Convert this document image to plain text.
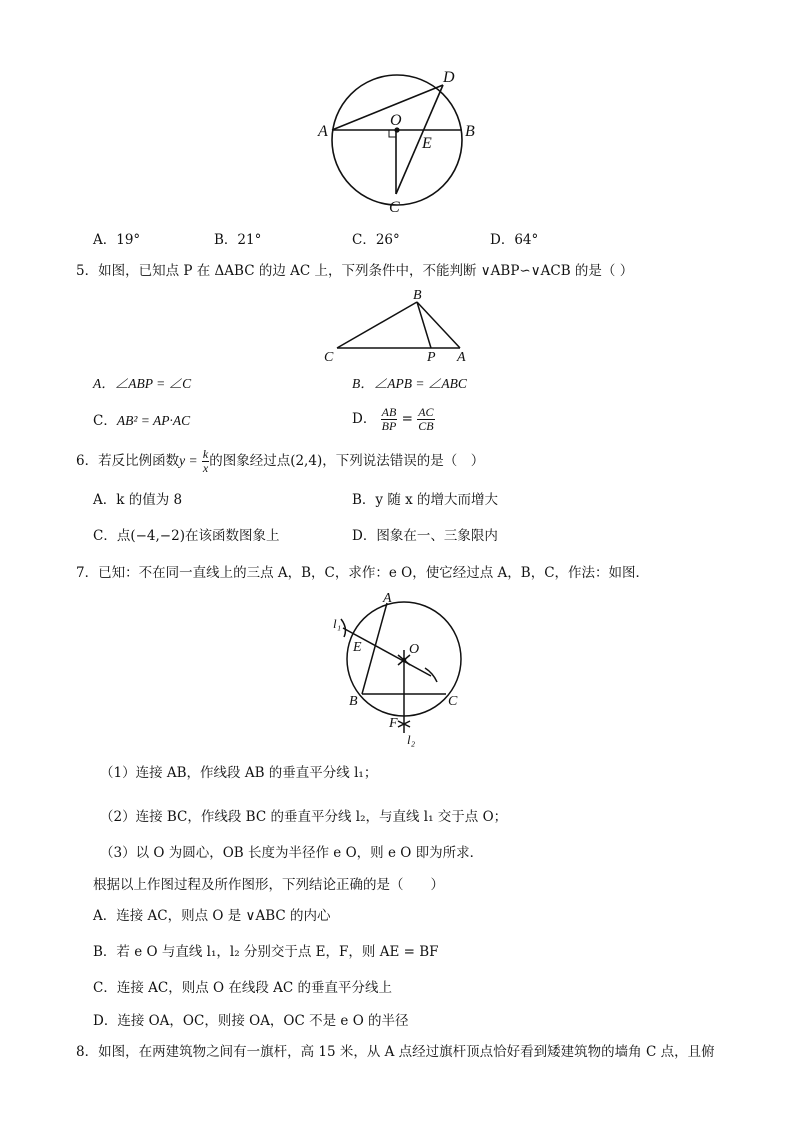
A	B
C
D
O
E
A．19°	B．21°	C．26°	D．64°
5．如图，已知点 P 在 ΔABC 的边 AC 上，下列条件中，不能判断 ∨ABP∽∨ACB 的是（ ）
B
C	P A
A．∠ABP = ∠C	B．∠APB = ∠ABC
C．AB² = AP·AC	D． $\frac{AB}{BP} = \frac{AC}{CB}$
6．若反比例函数$y = \frac{k}{x}$ 的图象经过点(2,4)，下列说法错误的是（　）
A．k 的值为 8	B．y 随 x 的增大而增大
C．点(−4,−2)在该函数图象上	D．图象在一、三象限内
7．已知：不在同一直线上的三点 A，B，C，求作：e O，使它经过点 A，B，C，作法：如图．
A
B	C
O
E
F
l₁
l₂
（1）连接 AB，作线段 AB 的垂直平分线 l₁；
（2）连接 BC，作线段 BC 的垂直平分线 l₂，与直线 l₁ 交于点 O；
（3）以 O 为圆心，OB 长度为半径作 e O，则 e O 即为所求．
根据以上作图过程及所作图形，下列结论正确的是（　　）
A．连接 AC，则点 O 是 ∨ABC 的内心
B．若 e O 与直线 l₁，l₂ 分别交于点 E，F，则 AE = BF
C．连接 AC，则点 O 在线段 AC 的垂直平分线上
D．连接 OA，OC，则接 OA，OC 不是 e O 的半径
8．如图，在两建筑物之间有一旗杆，高 15 米，从 A 点经过旗杆顶点恰好看到矮建筑物的墙角 C 点，且俯
